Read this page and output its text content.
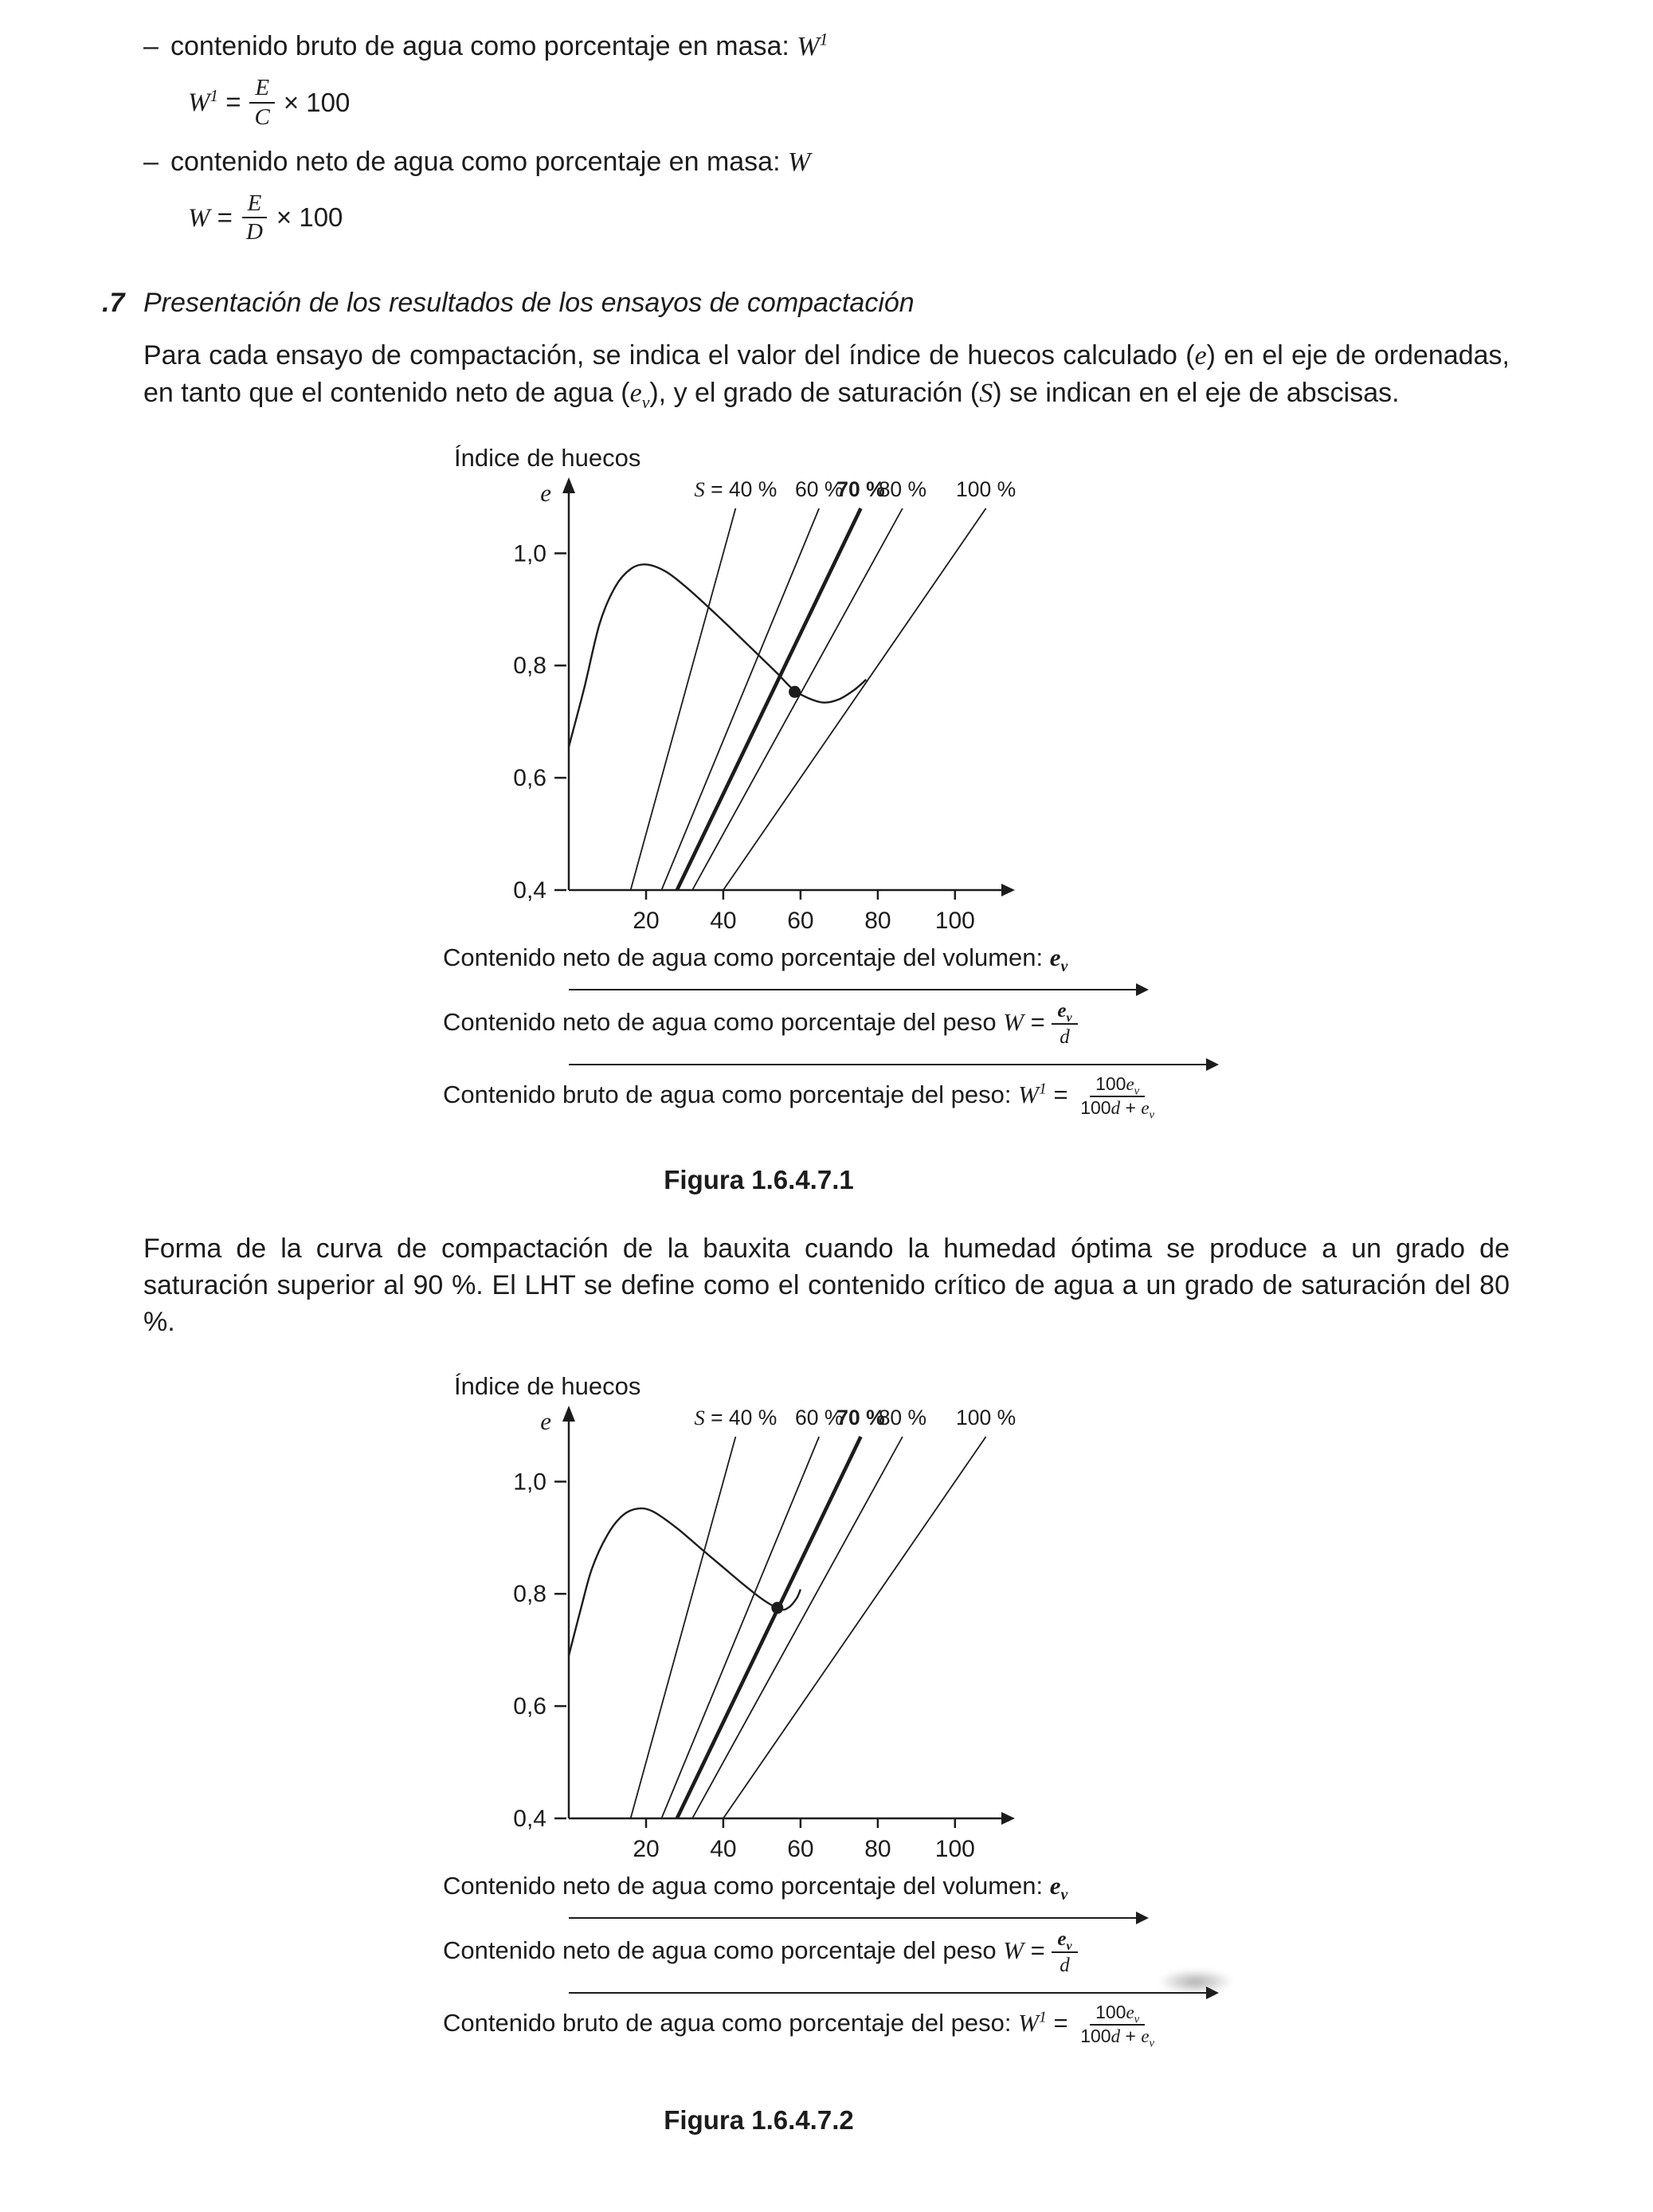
– contenido bruto de agua como porcentaje en masa: $W^1$
$W^1 = \frac{E}{C} \times 100$
– contenido neto de agua como porcentaje en masa: W
$W = \frac{E}{D} \times 100$
.7 Presentación de los resultados de los ensayos de compactación

Para cada ensayo de compactación, se indica el valor del índice de huecos calculado (e) en el eje de ordenadas, en tanto que el contenido neto de agua $(e_v)$, y el grado de saturación (S) se indican en el eje de abscisas.

S = 40 % 60 %
70 %
80 % 100 %
1,0
0,8
0,6
0,4
20 40 60 80 100
Índice de huecos
e
Contenido neto de agua como porcentaje del volumen: $e_v$
Contenido neto de agua como porcentaje del peso $W = \frac{e_v}{d}$
Contenido bruto de agua como porcentaje del peso: $W^1 = \frac{100e_v}{100d + e_v}$
Figura 1.6.4.7.1

Forma de la curva de compactación de la bauxita cuando la humedad óptima se produce a un grado de saturación superior al 90 %. El LHT se define como el contenido crítico de agua a un grado de saturación del 80 %.

S = 40 % 60 %
70 %
80 % 100 %
1,0
0,8
0,6
0,4
20 40 60 80 100
Índice de huecos
e
Contenido neto de agua como porcentaje del volumen: $e_v$
Contenido neto de agua como porcentaje del peso $W = \frac{e_v}{d}$
Contenido bruto de agua como porcentaje del peso: $W^1 = \frac{100e_v}{100d + e_v}$
Figura 1.6.4.7.2
